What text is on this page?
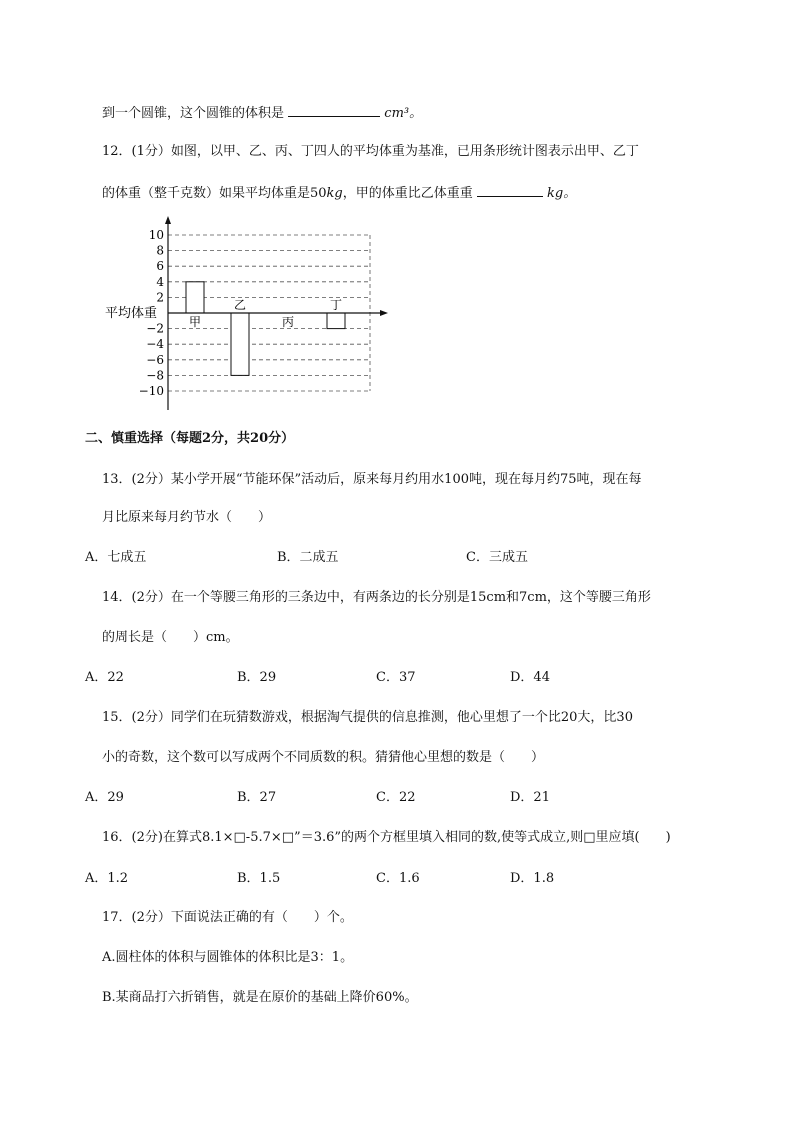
到一个圆锥，这个圆锥的体积是	cm³。
12．(1分）如图，以甲、乙、丙、丁四人的平均体重为基准，已用条形统计图表示出甲、乙丁
的体重（整千克数）如果平均体重是50kg，甲的体重比乙体重重	kg。
10
8
6
4
2
−2
−4
−6
−8
−10
甲
乙
丙
丁
平均体重
二、慎重选择（每题2分，共20分）
13．(2分）某小学开展“节能环保”活动后，原来每月约用水100吨，现在每月约75吨，现在每
月比原来每月约节水（　　）
A．七成五	B．二成五	C．三成五
14．(2分）在一个等腰三角形的三条边中，有两条边的长分别是15cm和7cm，这个等腰三角形
的周长是（　　）cm。
A．22	B．29	C．37	D．44
15．(2分）同学们在玩猜数游戏，根据淘气提供的信息推测，他心里想了一个比20大，比30
小的奇数，这个数可以写成两个不同质数的积。猜猜他心里想的数是（　　）
A．29	B．27	C．22	D．21
16．(2分)在算式8.1×□-5.7×□”＝3.6”的两个方框里填入相同的数,使等式成立,则□里应填(　　)
A．1.2	B．1.5	C．1.6	D．1.8
17．(2分）下面说法正确的有（　　）个。
A.圆柱体的体积与圆锥体的体积比是3：1。
B.某商品打六折销售，就是在原价的基础上降价60%。
